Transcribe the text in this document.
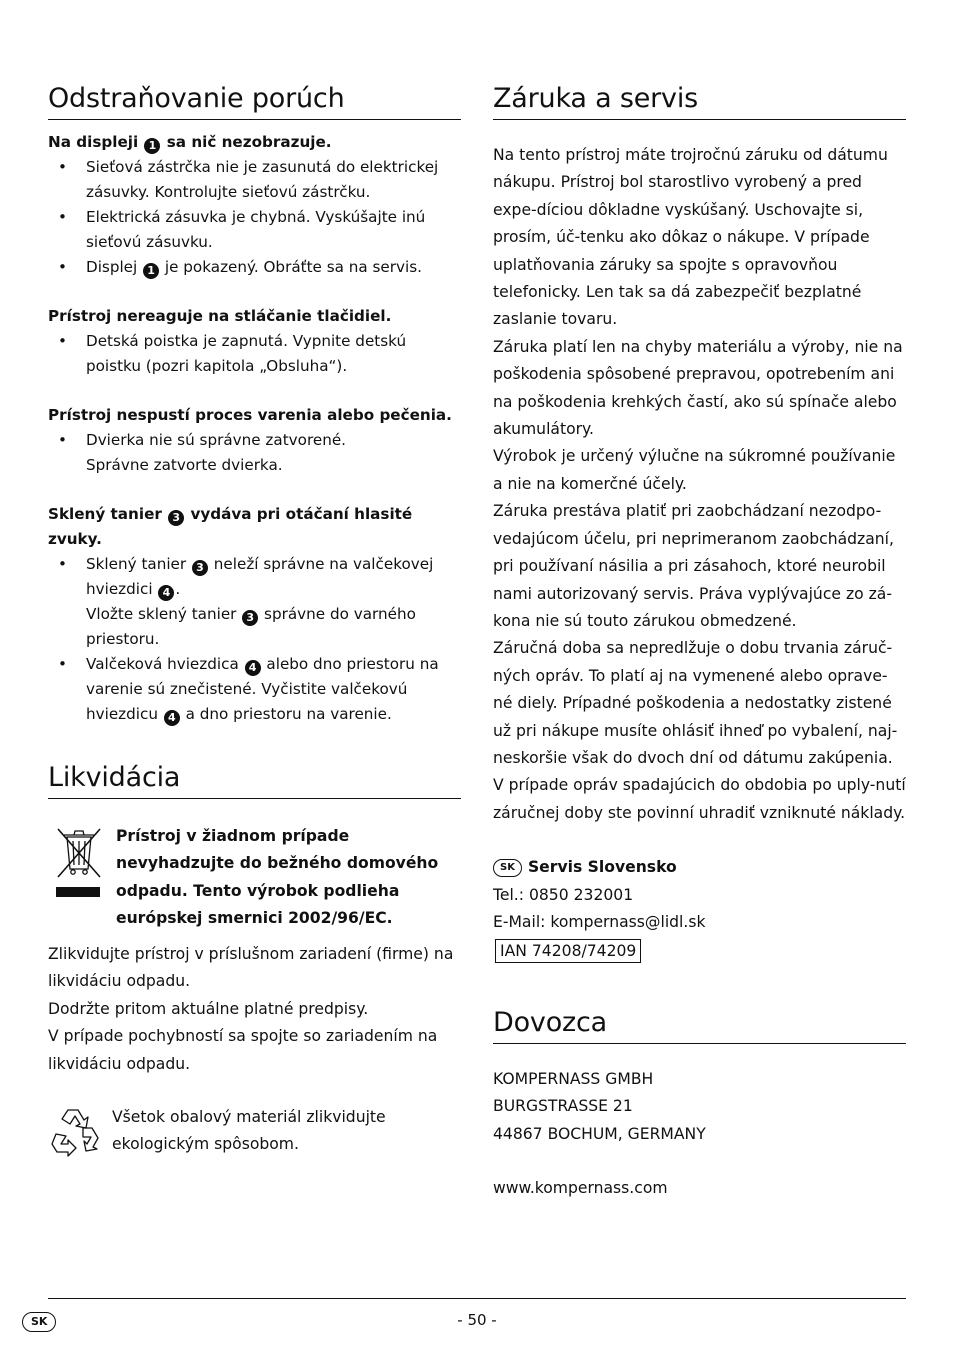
Odstraňovanie porúch

Na displeji 1 sa nič nezobrazuje.

• Sieťová zástrčka nie je zasunutá do elektrickej zásuvky. Kontrolujte sieťovú zástrčku.
• Elektrická zásuvka je chybná. Vyskúšajte inú sieťovú zásuvku.
• Displej 1 je pokazený. Obráťte sa na servis.

Prístroj nereaguje na stláčanie tlačidiel.

• Detská poistka je zapnutá. Vypnite detskú poistku (pozri kapitola „Obsluha“).

Prístroj nespustí proces varenia alebo pečenia.

• Dvierka nie sú správne zatvorené.
Správne zatvorte dvierka.

Sklený tanier 3 vydáva pri otáčaní hlasité zvuky.

• Sklený tanier 3 neleží správne na valčekovej hviezdici 4 .
Vložte sklený tanier 3 správne do varného priestoru.
• Valčeková hviezdica 4 alebo dno priestoru na varenie sú znečistené. Vyčistite valčekovú hviezdicu 4 a dno priestoru na varenie.
Likvidácia
Prístroj v žiadnom prípade nevyhadzujte do bežného domového odpadu. Tento výrobok podlieha európskej smernici 2002/96/EC.

Zlikvidujte prístroj v príslušnom zariadení (firme) na likvidáciu odpadu.

Dodržte pritom aktuálne platné predpisy.

V prípade pochybností sa spojte so zariadením na likvidáciu odpadu.

Všetok obalový materiál zlikvidujte ekologickým spôsobom.
Záruka a servis

Na tento prístroj máte trojročnú záruku od dátumu nákupu. Prístroj bol starostlivo vyrobený a pred expe-díciou dôkladne vyskúšaný. Uschovajte si, prosím, úč-tenku ako dôkaz o nákupe. V prípade uplatňovania záruky sa spojte s opravovňou telefonicky. Len tak sa dá zabezpečiť bezplatné zaslanie tovaru.

Záruka platí len na chyby materiálu a výroby, nie na poškodenia spôsobené prepravou, opotrebením ani na poškodenia krehkých častí, ako sú spínače alebo akumulátory.

Výrobok je určený výlučne na súkromné používanie a nie na komerčné účely.

Záruka prestáva platiť pri zaobchádzaní nezodpo-vedajúcom účelu, pri neprimeranom zaobchádzaní, pri používaní násilia a pri zásahoch, ktoré neurobil nami autorizovaný servis. Práva vyplývajúce zo zá-kona nie sú touto zárukou obmedzené.

Záručná doba sa nepredlžuje o dobu trvania záruč-ných opráv. To platí aj na vymenené alebo oprave-né diely. Prípadné poškodenia a nedostatky zistené už pri nákupe musíte ohlásiť ihneď po vybalení, naj-neskoršie však do dvoch dní od dátumu zakúpenia. V prípade opráv spadajúcich do obdobia po uply-nutí záručnej doby ste povinní uhradiť vzniknuté náklady.

SK Servis Slovensko

Tel.: 0850 232001

E-Mail: kompernass@lidl.sk

IAN 74208/74209

Dovozca

KOMPERNASS GMBH

BURGSTRASSE 21

44867 BOCHUM, GERMANY

www.kompernass.com

SK	- 50 -
